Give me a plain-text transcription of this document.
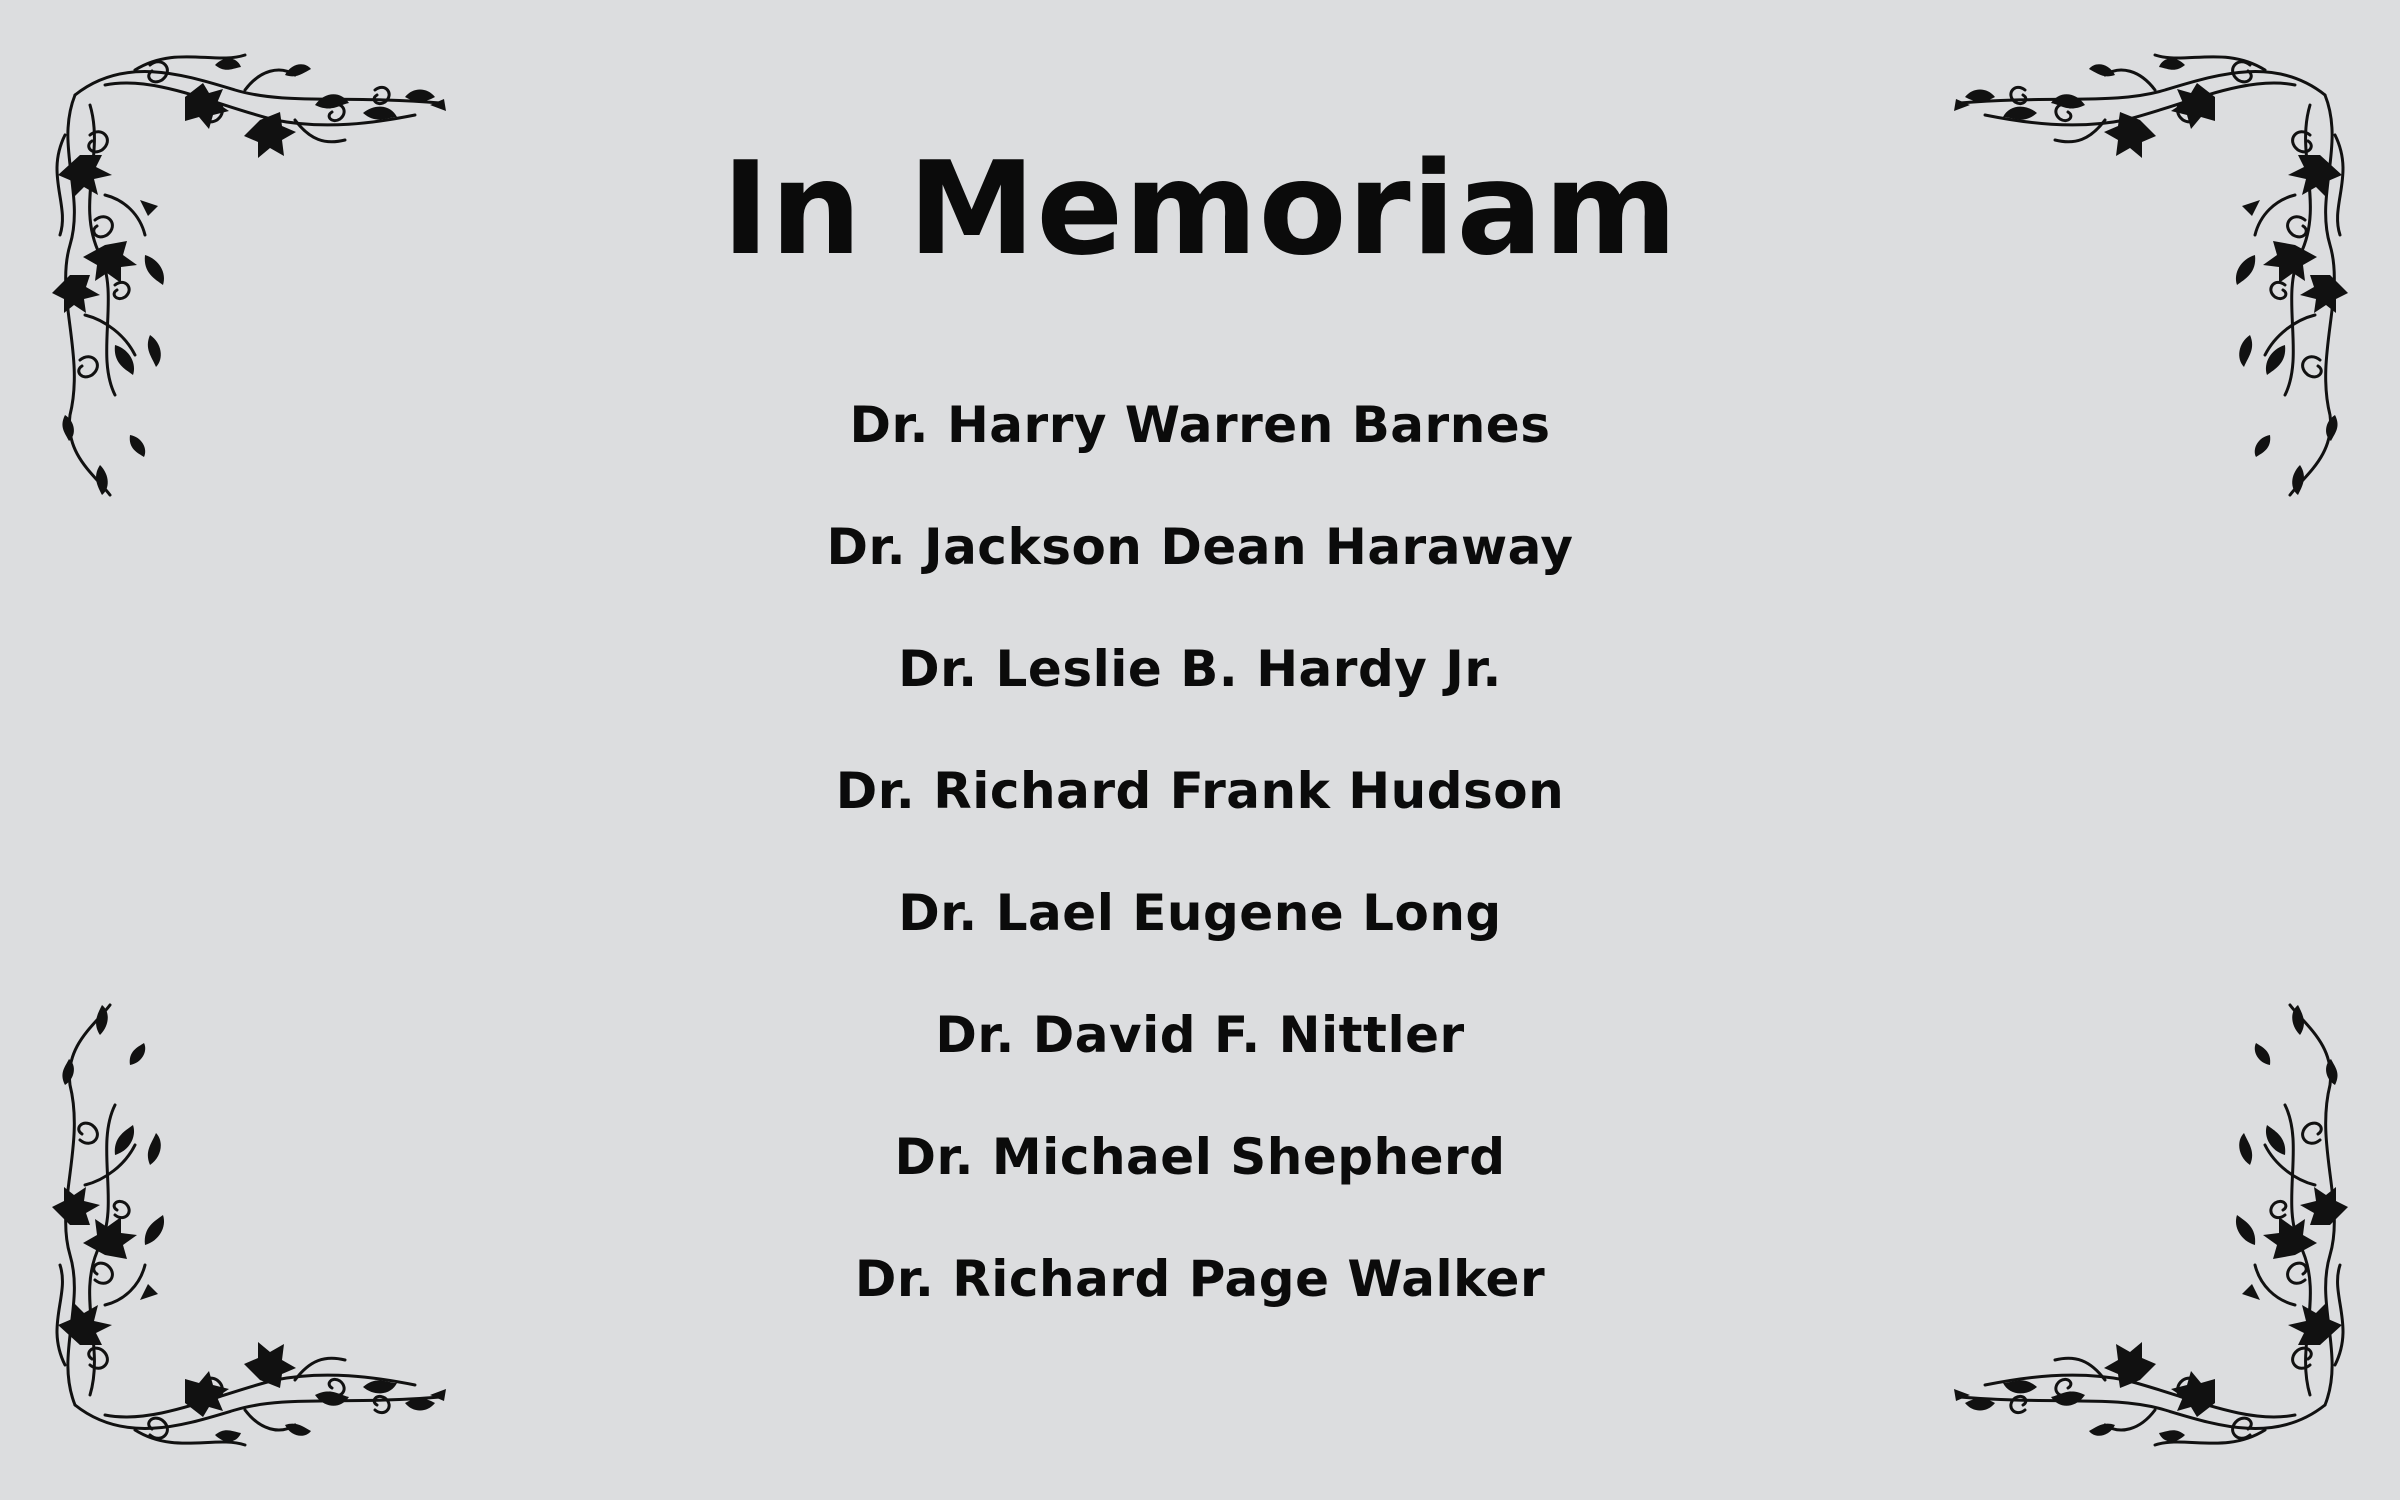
In Memoriam
Dr. Harry Warren Barnes
Dr. Jackson Dean Haraway
Dr. Leslie B. Hardy Jr.
Dr. Richard Frank Hudson
Dr. Lael Eugene Long
Dr. David F. Nittler
Dr. Michael Shepherd
Dr. Richard Page Walker
